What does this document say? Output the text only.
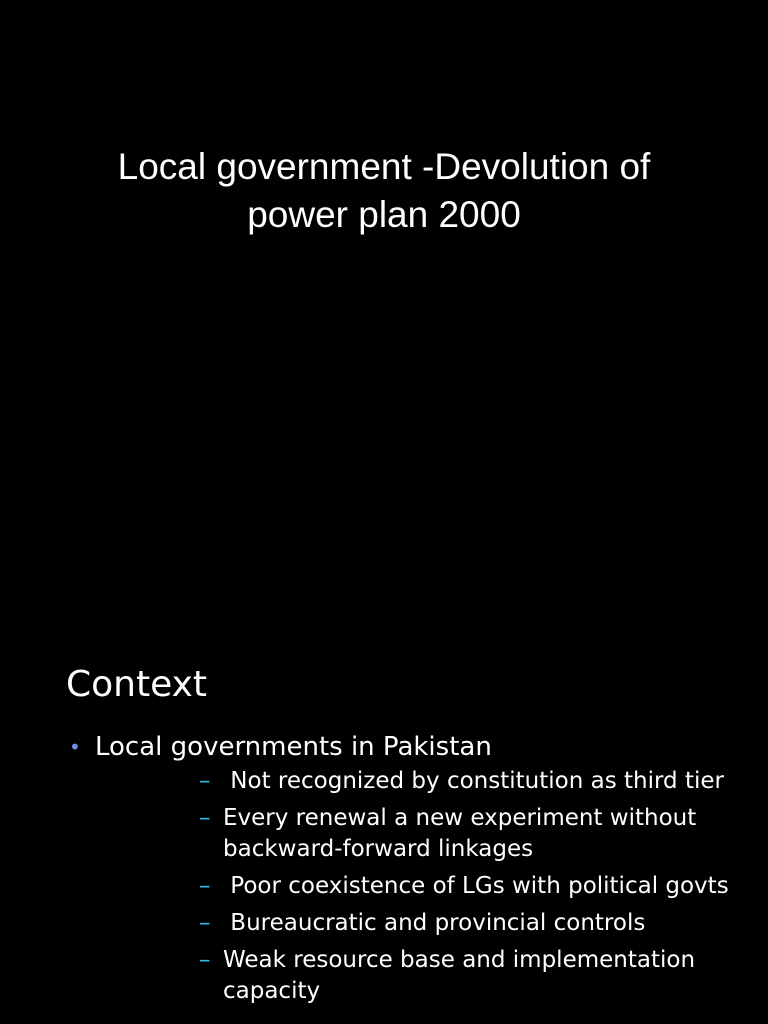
Local government -Devolution of
power plan 2000
Context
• Local governments in Pakistan
– Not recognized by constitution as third tier
– Every renewal a new experiment without backward-forward linkages
– Poor coexistence of LGs with political govts
– Bureaucratic and provincial controls
– Weak resource base and implementation capacity
